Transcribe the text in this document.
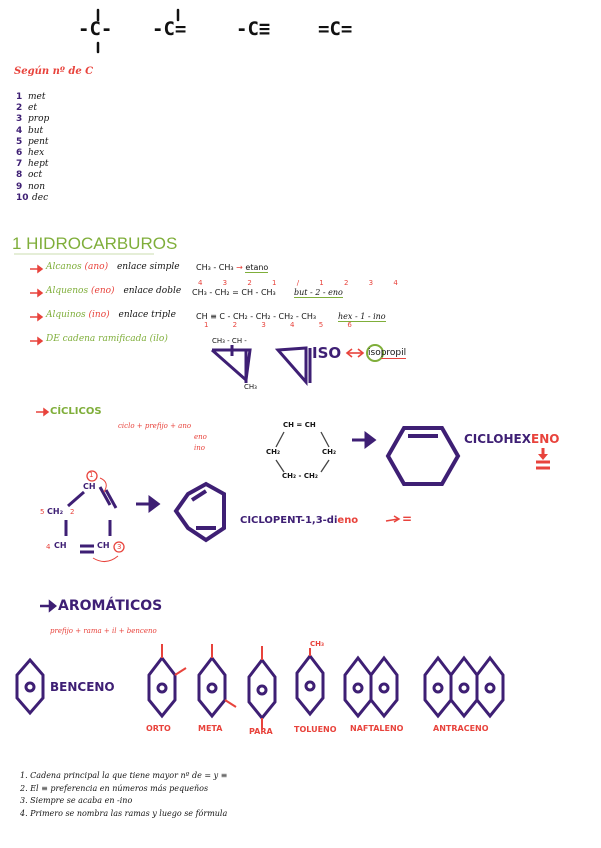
-C- -C=	-C≡	=C=
Según nº de C
1 met
2 et
3 prop
4 but
5 pent
6 hex
7 hept
8 oct
9 non
10 dec
1 HIDROCARBUROS
Alcanos (ano) enlace simple CH₃ - CH₃ → etano
Alquenos (eno) enlace doble
4 3 2 1 / 1 2 3 4
CH₃ - CH₂ = CH - CH₃ but - 2 - eno
Alquinos (ino) enlace triple	CH ≡ C - CH₂ - CH₂ - CH₂ - CH₃
1 2 3 4 5 6
hex - 1 - ino
DE cadena ramificada (ilo)	CH₃ - CH -
CH₃
ISO	isopropil
CÍCLICOS
ciclo + prefijo + ano
eno
ino
CH = CH
CH₂	CH₂
CH₂ - CH₂
CICLOHEXENO
1
CH
5 CH₂ 2
4 CH	CH 3
CICLOPENT-1,3-dieno	=
AROMÁTICOS
prefijo + rama + il + benceno
BENCENO
CH₃
ORTO	META	PARA	TOLUENO NAFTALENO	ANTRACENO
1. Cadena principal la que tiene mayor nº de = y ≡
2. El ≡ preferencia en números más pequeños
3. Siempre se acaba en -ino
4. Primero se nombra las ramas y luego se fórmula
